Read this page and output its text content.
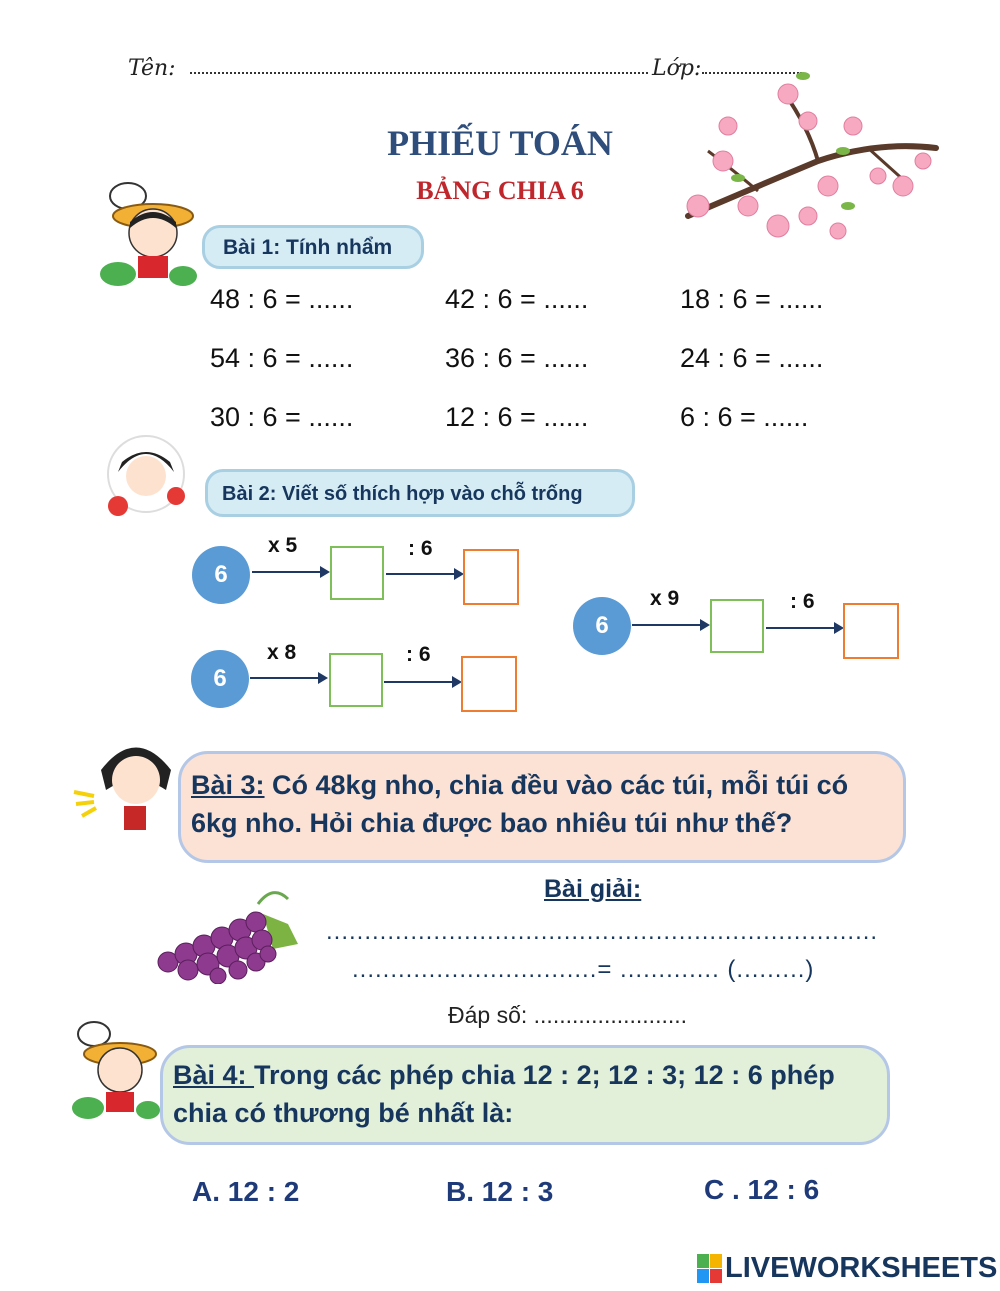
Tên:	Lớp:
PHIẾU TOÁN
BẢNG CHIA 6
Bài 1: Tính nhẩm
48 : 6 = ......	42 : 6 = ......	18 : 6 = ......
54 : 6 = ......	36 : 6 = ......	24 : 6 = ......
30 : 6 = ......	12 : 6 = ......	6 : 6 = ......
Bài 2: Viết số thích hợp vào chỗ trống
6
x 5	: 6
6
x 8	: 6
6
x 9	: 6
Bài 3: Có 48kg nho, chia đều vào các túi, mỗi túi có
6kg nho. Hỏi chia được bao nhiêu túi như thế?
Bài giải:
........................................................................
................................= ............. (.........)
Đáp số: ........................
Bài 4: Trong các phép chia 12 : 2; 12 : 3; 12 : 6 phép
chia có thương bé nhất là:
A. 12 : 2	B. 12 : 3	C . 12 : 6
LIVEWORKSHEETS
